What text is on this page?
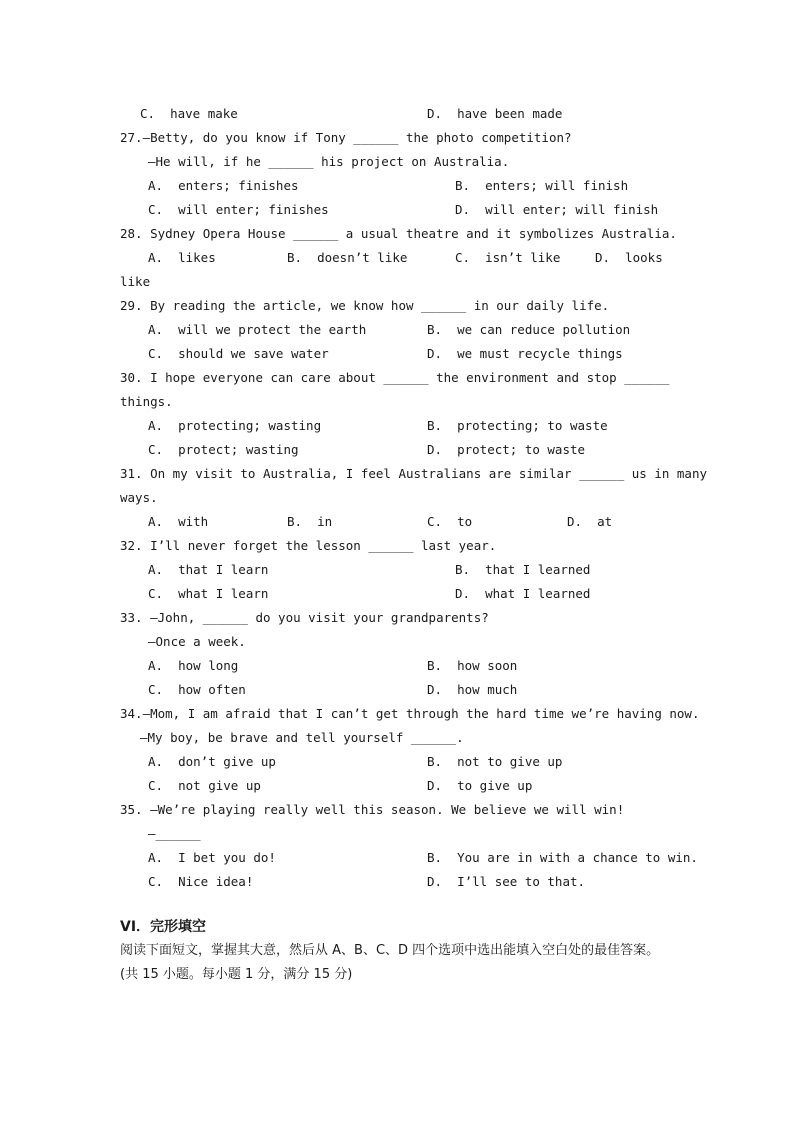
C.  have make	D.  have been made
27.—Betty, do you know if Tony ______ the photo competition?
—He will, if he ______ his project on Australia.
A.  enters; finishes	B.  enters; will finish
C.  will enter; finishes	D.  will enter; will finish
28. Sydney Opera House ______ a usual theatre and it symbolizes Australia.
A.  likes	B.  doesn’t like	C.  isn’t like	D.  looks
like
29. By reading the article, we know how ______ in our daily life.
A.  will we protect the earth	B.  we can reduce pollution
C.  should we save water	D.  we must recycle things
30. I hope everyone can care about ______ the environment and stop ______
things.
A.  protecting; wasting	B.  protecting; to waste
C.  protect; wasting	D.  protect; to waste
31. On my visit to Australia, I feel Australians are similar ______ us in many
ways.
A.  with	B.  in	C.  to	D.  at
32. I’ll never forget the lesson ______ last year.
A.  that I learn	B.  that I learned
C.  what I learn	D.  what I learned
33. —John, ______ do you visit your grandparents?
—Once a week.
A.  how long	B.  how soon
C.  how often	D.  how much
34.—Mom, I am afraid that I can’t get through the hard time we’re having now.
—My boy, be brave and tell yourself ______.
A.  don’t give up	B.  not to give up
C.  not give up	D.  to give up
35. —We’re playing really well this season. We believe we will win!
—______
A.  I bet you do!	B.  You are in with a chance to win.
C.  Nice idea!	D.  I’ll see to that.
VI．完形填空
阅读下面短文，掌握其大意，然后从 A、B、C、D 四个选项中选出能填入空白处的最佳答案。
(共 15 小题。每小题 1 分，满分 15 分)
